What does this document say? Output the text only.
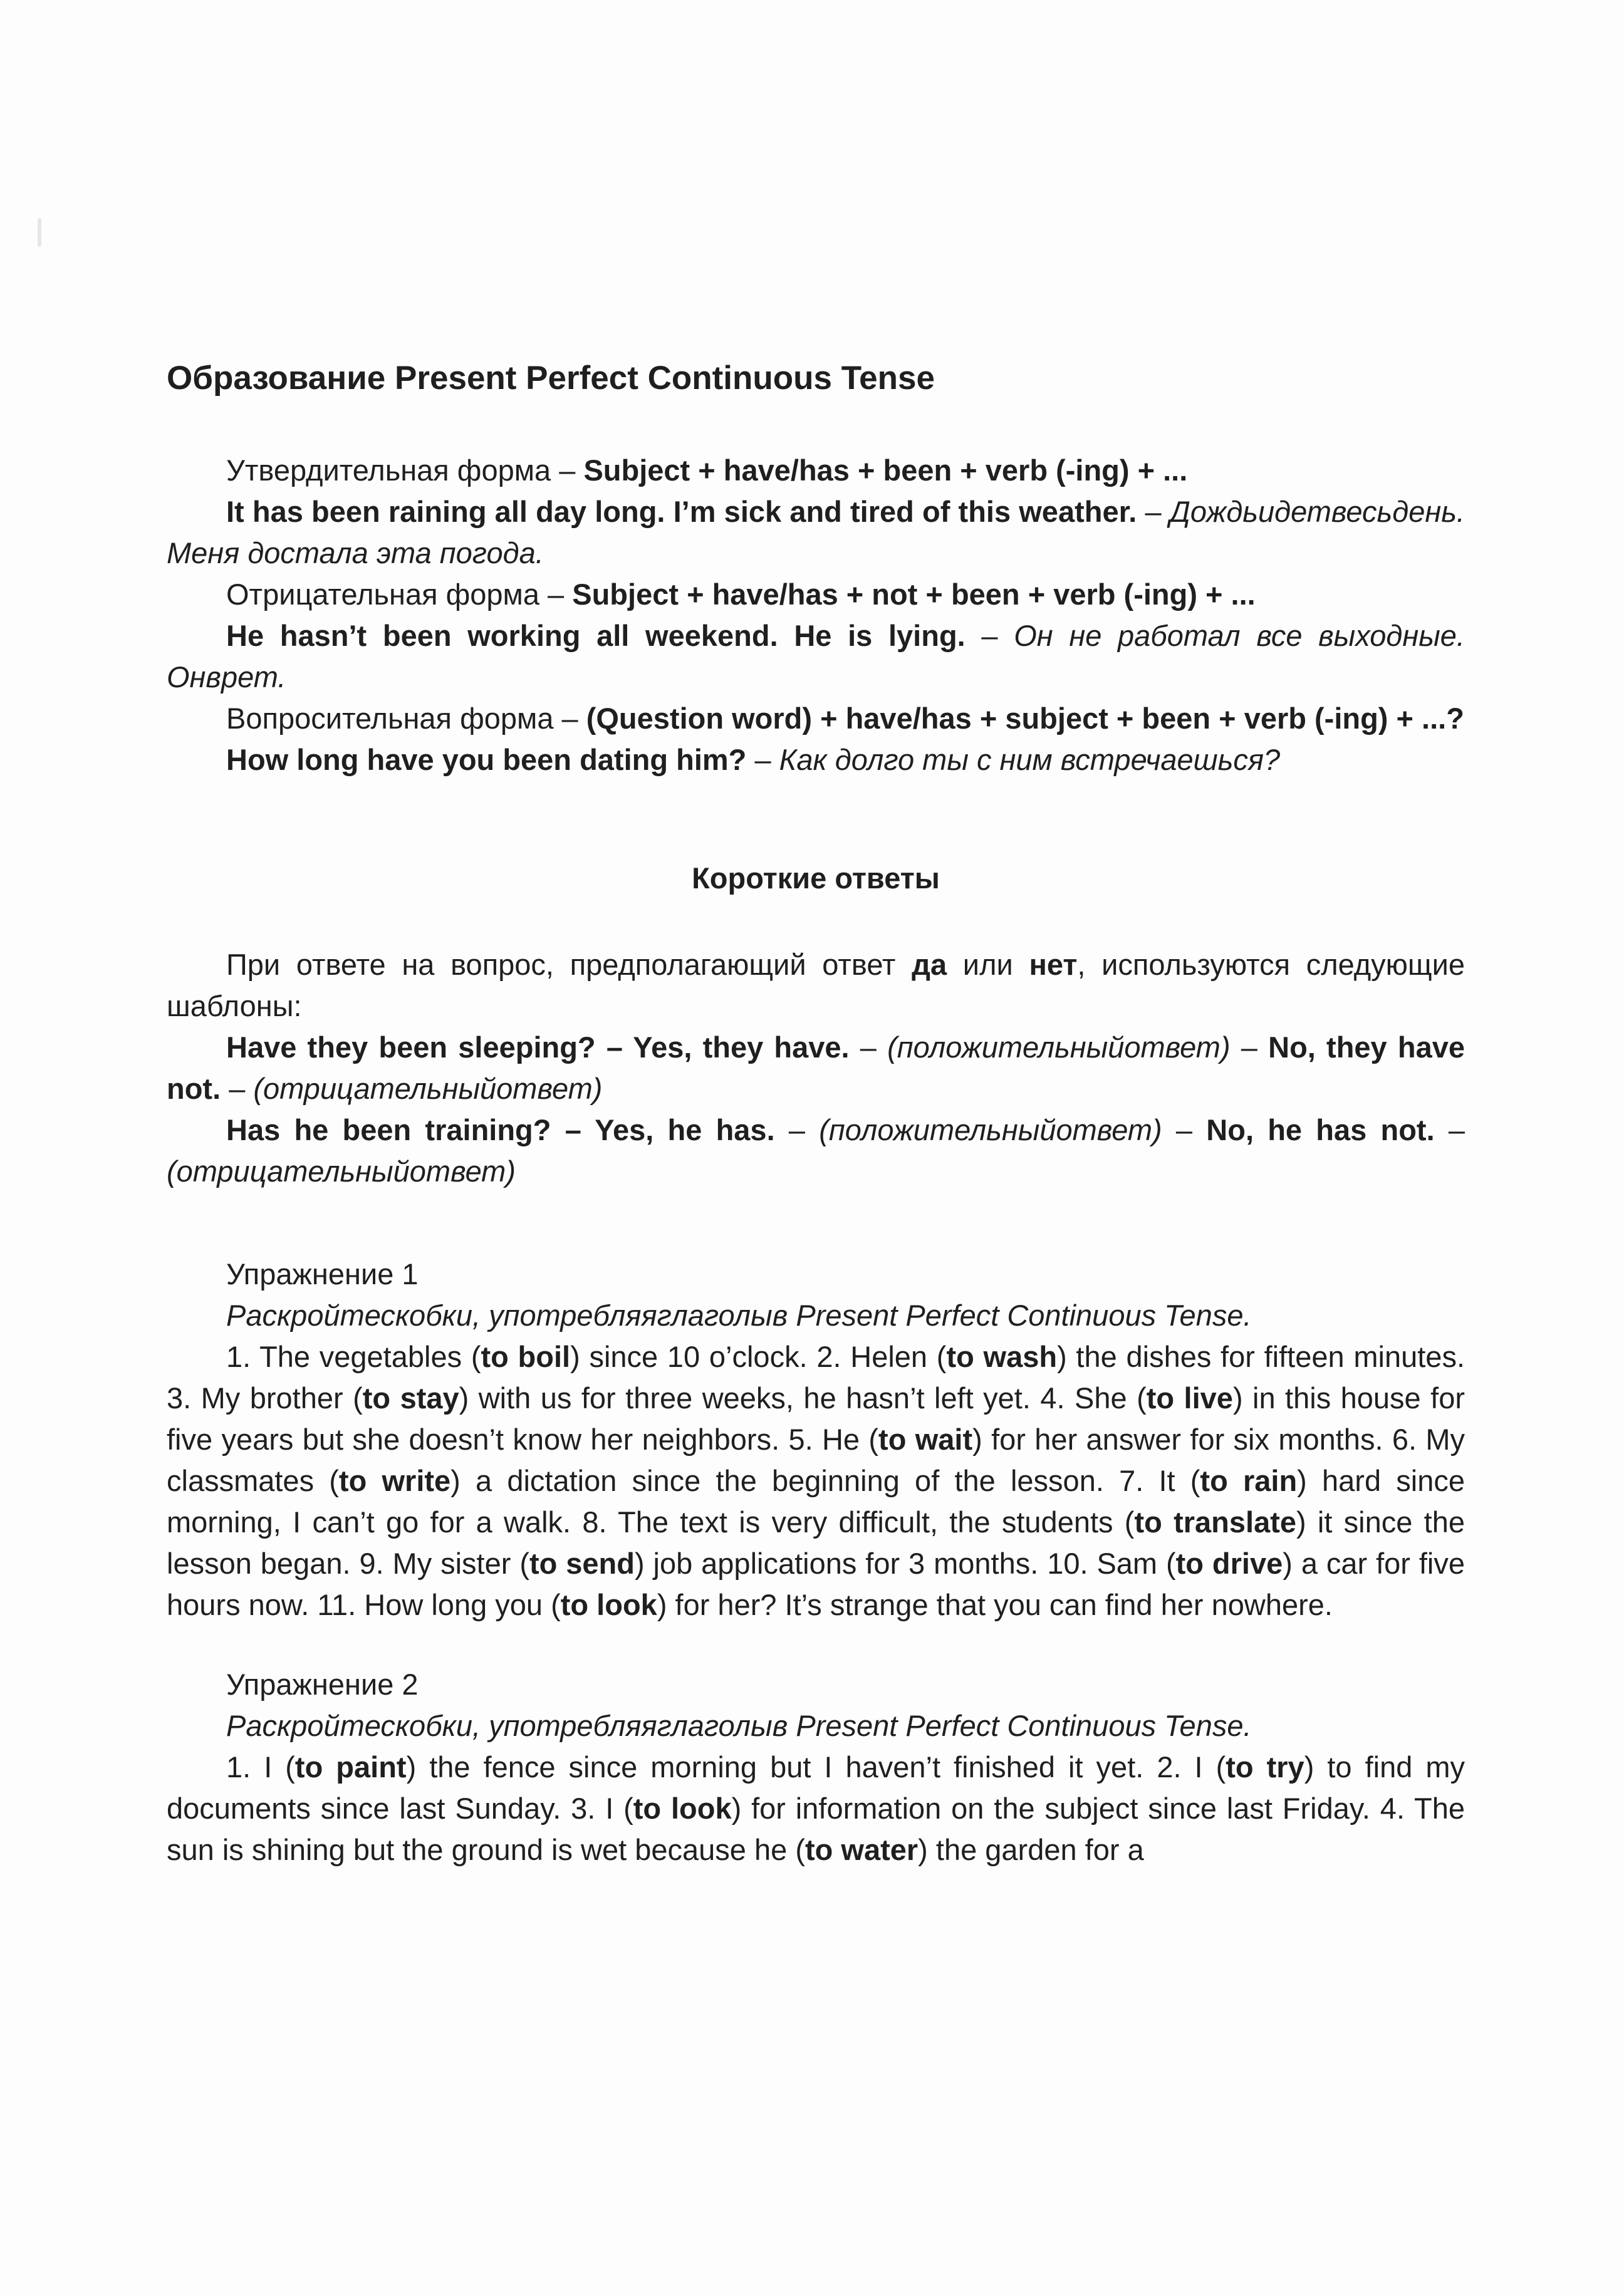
Образование Present Perfect Continuous Tense

Утвердительная форма – Subject + have/has + been + verb (-ing) + ...

It has been raining all day long. I’m sick and tired of this weather. – Дождьидетвесьдень. Меня достала эта погода.

Отрицательная форма – Subject + have/has + not + been + verb (-ing) + ...

He hasn’t been working all weekend. He is lying. – Он не работал все выходные. Онврет.

Вопросительная форма – (Question word) + have/has + subject + been + verb (-ing) + ...?

How long have you been dating him? – Как долго ты с ним встречаешься?

Короткие ответы

При ответе на вопрос, предполагающий ответ да или нет, используются следующие шаблоны:

Have they been sleeping? – Yes, they have. – (положительныйответ) – No, they have not. – (отрицательныйответ)

Has he been training? – Yes, he has. – (положительныйответ) – No, he has not. – (отрицательныйответ)

Упражнение 1

Раскройтескобки, употребляяглаголыв Present Perfect Continuous Tense.

1. The vegetables (to boil) since 10 o’clock. 2. Helen (to wash) the dishes for fifteen minutes. 3. My brother (to stay) with us for three weeks, he hasn’t left yet. 4. She (to live) in this house for five years but she doesn’t know her neighbors. 5. He (to wait) for her answer for six months. 6. My classmates (to write) a dictation since the beginning of the lesson. 7. It (to rain) hard since morning, I can’t go for a walk. 8. The text is very difficult, the students (to translate) it since the lesson began. 9. My sister (to send) job applications for 3 months. 10. Sam (to drive) a car for five hours now. 11. How long you (to look) for her? It’s strange that you can find her nowhere.

Упражнение 2

Раскройтескобки, употребляяглаголыв Present Perfect Continuous Tense.

1. I (to paint) the fence since morning but I haven’t finished it yet. 2. I (to try) to find my documents since last Sunday. 3. I (to look) for information on the subject since last Friday. 4. The sun is shining but the ground is wet because he (to water) the garden for a
